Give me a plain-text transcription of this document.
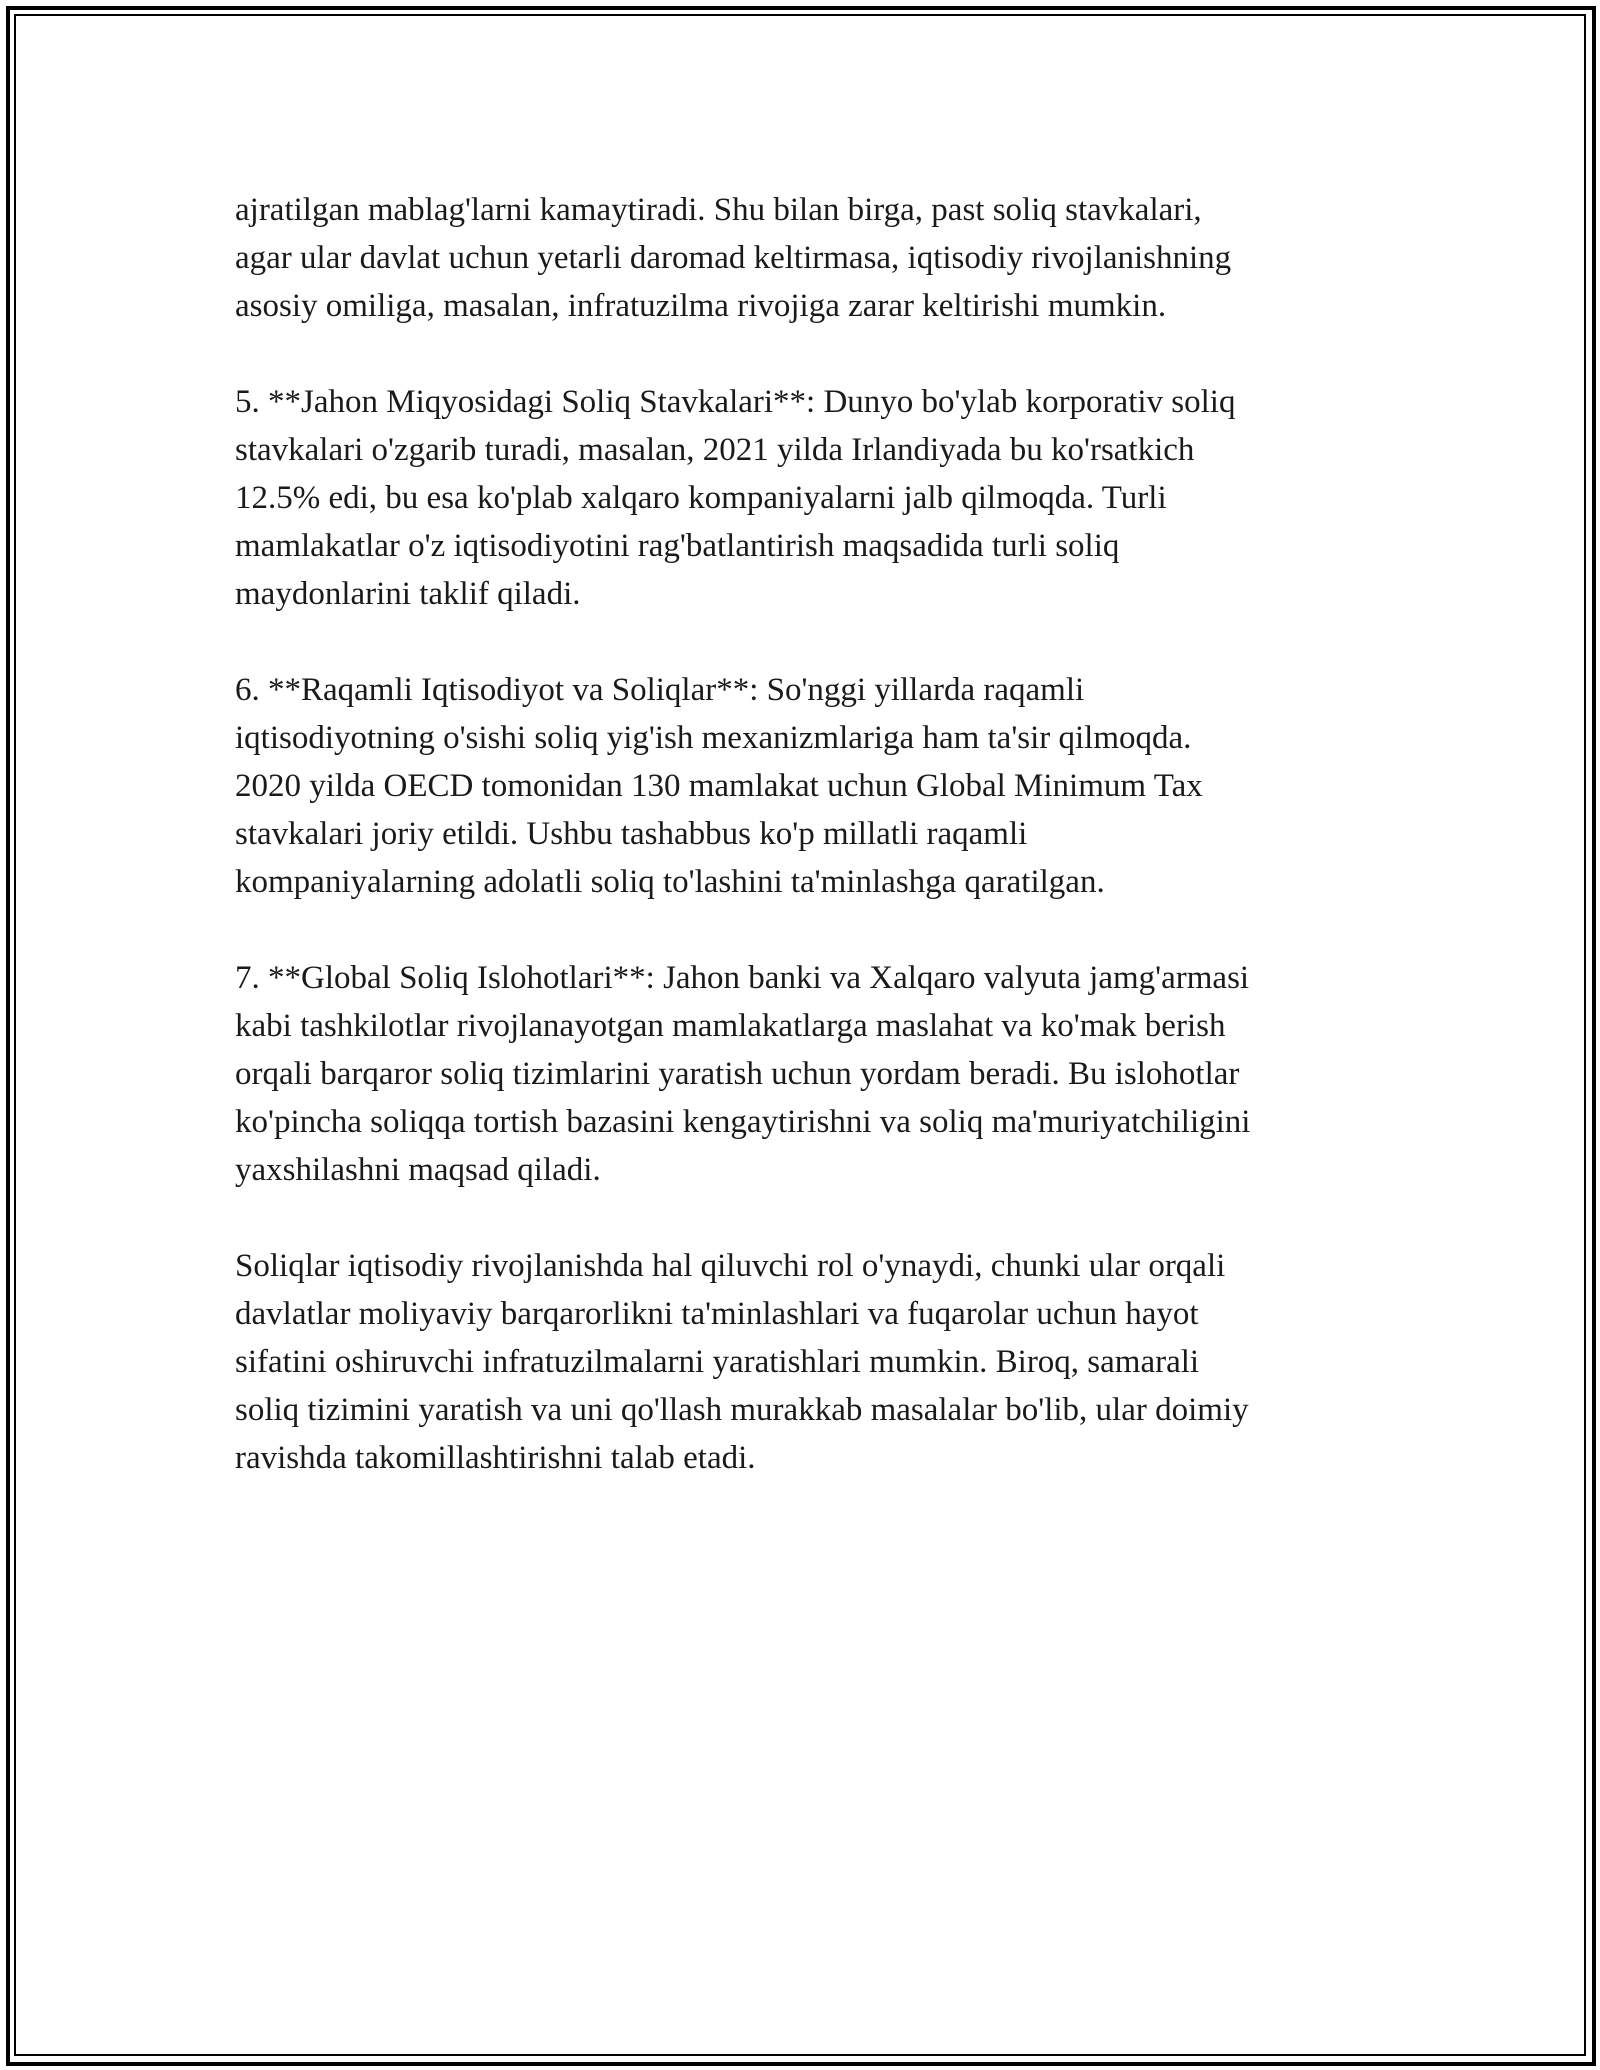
ajratilgan mablag'larni kamaytiradi. Shu bilan birga, past soliq stavkalari,
agar ular davlat uchun yetarli daromad keltirmasa, iqtisodiy rivojlanishning
asosiy omiliga, masalan, infratuzilma rivojiga zarar keltirishi mumkin.

5. **Jahon Miqyosidagi Soliq Stavkalari**: Dunyo bo'ylab korporativ soliq
stavkalari o'zgarib turadi, masalan, 2021 yilda Irlandiyada bu ko'rsatkich
12.5% edi, bu esa ko'plab xalqaro kompaniyalarni jalb qilmoqda. Turli
mamlakatlar o'z iqtisodiyotini rag'batlantirish maqsadida turli soliq
maydonlarini taklif qiladi.

6. **Raqamli Iqtisodiyot va Soliqlar**: So'nggi yillarda raqamli
iqtisodiyotning o'sishi soliq yig'ish mexanizmlariga ham ta'sir qilmoqda.
2020 yilda OECD tomonidan 130 mamlakat uchun Global Minimum Tax
stavkalari joriy etildi. Ushbu tashabbus ko'p millatli raqamli
kompaniyalarning adolatli soliq to'lashini ta'minlashga qaratilgan.

7. **Global Soliq Islohotlari**: Jahon banki va Xalqaro valyuta jamg'armasi
kabi tashkilotlar rivojlanayotgan mamlakatlarga maslahat va ko'mak berish
orqali barqaror soliq tizimlarini yaratish uchun yordam beradi. Bu islohotlar
ko'pincha soliqqa tortish bazasini kengaytirishni va soliq ma'muriyatchiligini
yaxshilashni maqsad qiladi.

Soliqlar iqtisodiy rivojlanishda hal qiluvchi rol o'ynaydi, chunki ular orqali
davlatlar moliyaviy barqarorlikni ta'minlashlari va fuqarolar uchun hayot
sifatini oshiruvchi infratuzilmalarni yaratishlari mumkin. Biroq, samarali
soliq tizimini yaratish va uni qo'llash murakkab masalalar bo'lib, ular doimiy
ravishda takomillashtirishni talab etadi.
